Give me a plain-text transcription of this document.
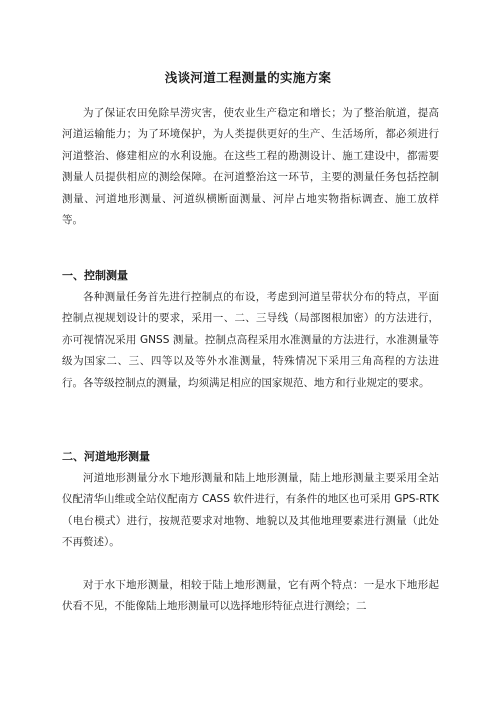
浅谈河道工程测量的实施方案

为了保证农田免除旱涝灾害，使农业生产稳定和增长；为了整治航道，提高河道运输能力；为了环境保护，为人类提供更好的生产、生活场所，都必须进行河道整治、修建相应的水利设施。在这些工程的勘测设计、施工建设中，都需要测量人员提供相应的测绘保障。在河道整治这一环节，主要的测量任务包括控制测量、河道地形测量、河道纵横断面测量、河岸占地实物指标调查、施工放样等。

一、控制测量

各种测量任务首先进行控制点的布设，考虑到河道呈带状分布的特点，平面控制点视规划设计的要求，采用一、二、三导线（局部图根加密）的方法进行，亦可视情况采用 GNSS 测量。控制点高程采用水准测量的方法进行，水准测量等级为国家二、三、四等以及等外水准测量，特殊情况下采用三角高程的方法进行。各等级控制点的测量，均须满足相应的国家规范、地方和行业规定的要求。

二、河道地形测量

河道地形测量分水下地形测量和陆上地形测量，陆上地形测量主要采用全站仪配清华山维或全站仪配南方 CASS 软件进行，有条件的地区也可采用 GPS-RTK（电台模式）进行，按规范要求对地物、地貌以及其他地理要素进行测量（此处不再赘述）。

对于水下地形测量，相较于陆上地形测量，它有两个特点：一是水下地形起伏看不见，不能像陆上地形测量可以选择地形特征点进行测绘；二
